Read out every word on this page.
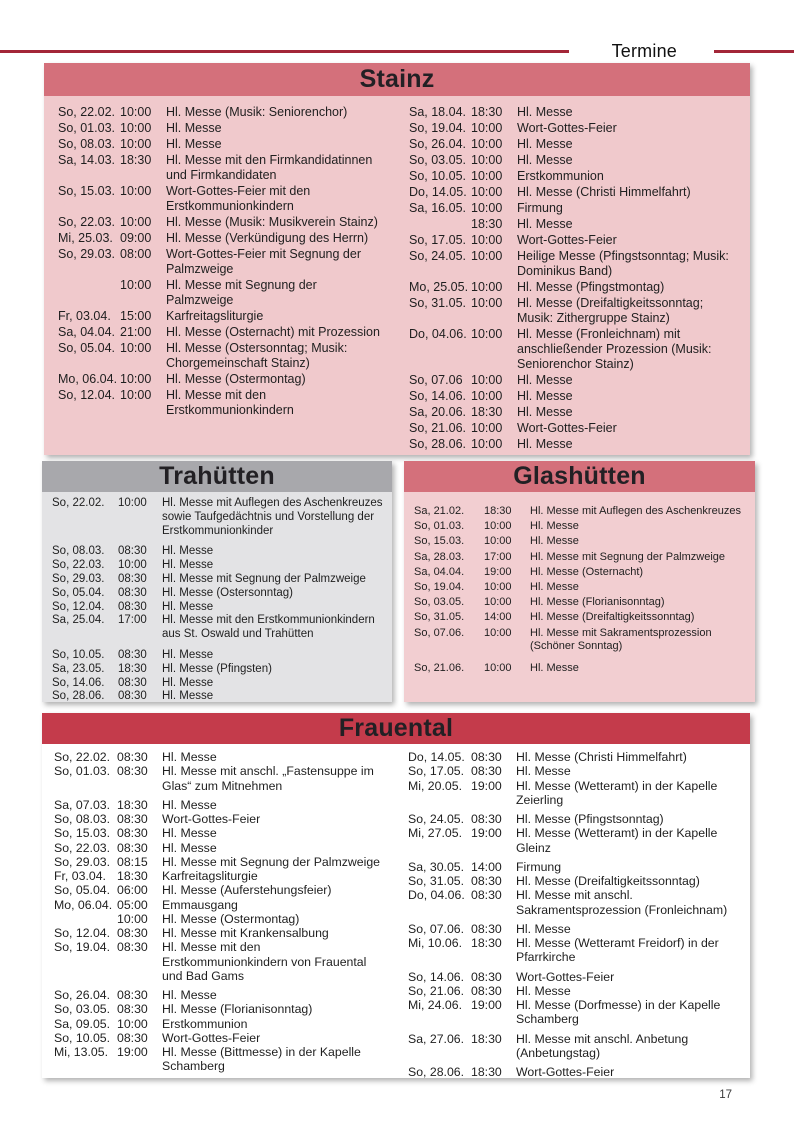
Termine
Stainz
So, 22.02. 10:00	Hl. Messe (Musik: Seniorenchor)
So, 01.03. 10:00	Hl. Messe
So, 08.03. 10:00	Hl. Messe
Sa, 14.03. 18:30	Hl. Messe mit den Firmkandidatinnen und Firmkandidaten
So, 15.03. 10:00	Wort-Gottes-Feier mit den Erstkommunionkindern
So, 22.03. 10:00	Hl. Messe (Musik: Musikverein Stainz)
Mi, 25.03. 09:00	Hl. Messe (Verkündigung des Herrn)
So, 29.03. 08:00	Wort-Gottes-Feier mit Segnung der Palmzweige
10:00	Hl. Messe mit Segnung der Palmzweige
Fr, 03.04. 15:00	Karfreitagsliturgie
Sa, 04.04. 21:00	Hl. Messe (Osternacht) mit Prozession
So, 05.04. 10:00	Hl. Messe (Ostersonntag; Musik: Chorgemeinschaft Stainz)
Mo, 06.04. 10:00	Hl. Messe (Ostermontag)
So, 12.04. 10:00	Hl. Messe mit den Erstkommunionkindern
Sa, 18.04. 18:30	Hl. Messe
So, 19.04. 10:00	Wort-Gottes-Feier
So, 26.04. 10:00	Hl. Messe
So, 03.05. 10:00	Hl. Messe
So, 10.05. 10:00	Erstkommunion
Do, 14.05. 10:00	Hl. Messe (Christi Himmelfahrt)
Sa, 16.05. 10:00	Firmung
18:30	Hl. Messe
So, 17.05. 10:00	Wort-Gottes-Feier
So, 24.05. 10:00	Heilige Messe (Pfingstsonntag; Musik: Dominikus Band)
Mo, 25.05. 10:00	Hl. Messe (Pfingstmontag)
So, 31.05. 10:00	Hl. Messe (Dreifaltigkeitssonntag; Musik: Zithergruppe Stainz)
Do, 04.06. 10:00	Hl. Messe (Fronleichnam) mit anschließender Prozession (Musik: Seniorenchor Stainz)
So, 07.06 10:00	Hl. Messe
So, 14.06. 10:00	Hl. Messe
Sa, 20.06. 18:30	Hl. Messe
So, 21.06. 10:00	Wort-Gottes-Feier
So, 28.06. 10:00	Hl. Messe
Trahütten
So, 22.02.	10:00	Hl. Messe mit Auflegen des Aschenkreuzes sowie Taufgedächtnis und Vorstellung der Erstkommunionkinder
So, 08.03.	08:30	Hl. Messe
So, 22.03.	10:00	Hl. Messe
So, 29.03.	08:30	Hl. Messe mit Segnung der Palmzweige
So, 05.04.	08:30	Hl. Messe (Ostersonntag)
So, 12.04.	08:30	Hl. Messe
Sa, 25.04.	17:00	Hl. Messe mit den Erstkommunionkindern aus St. Oswald und Trahütten
So, 10.05.	08:30	Hl. Messe
Sa, 23.05.	18:30	Hl. Messe (Pfingsten)
So, 14.06.	08:30	Hl. Messe
So, 28.06.	08:30	Hl. Messe
Glashütten
Sa, 21.02.	18:30	Hl. Messe mit Auflegen des Aschenkreuzes
So, 01.03.	10:00	Hl. Messe
So, 15.03.	10:00	Hl. Messe
Sa, 28.03.	17:00	Hl. Messe mit Segnung der Palmzweige
Sa, 04.04.	19:00	Hl. Messe (Osternacht)
So, 19.04.	10:00	Hl. Messe
So, 03.05.	10:00	Hl. Messe (Florianisonntag)
So, 31.05.	14:00	Hl. Messe (Dreifaltigkeitssonntag)
So, 07.06.	10:00	Hl. Messe mit Sakramentsprozession (Schöner Sonntag)
So, 21.06.	10:00	Hl. Messe
Frauental
So, 22.02. 08:30	Hl. Messe
So, 01.03. 08:30	Hl. Messe mit anschl. „Fastensuppe im Glas“ zum Mitnehmen
Sa, 07.03. 18:30	Hl. Messe
So, 08.03. 08:30	Wort-Gottes-Feier
So, 15.03. 08:30	Hl. Messe
So, 22.03. 08:30	Hl. Messe
So, 29.03. 08:15	Hl. Messe mit Segnung der Palmzweige
Fr, 03.04. 18:30	Karfreitagsliturgie
So, 05.04. 06:00	Hl. Messe (Auferstehungsfeier)
Mo, 06.04. 05:00	Emmausgang
10:00	Hl. Messe (Ostermontag)
So, 12.04. 08:30	Hl. Messe mit Krankensalbung
So, 19.04. 08:30	Hl. Messe mit den Erstkommunionkindern von Frauental und Bad Gams
So, 26.04. 08:30	Hl. Messe
So, 03.05. 08:30	Hl. Messe (Florianisonntag)
Sa, 09.05. 10:00	Erstkommunion
So, 10.05. 08:30	Wort-Gottes-Feier
Mi, 13.05. 19:00	Hl. Messe (Bittmesse) in der Kapelle Schamberg
Do, 14.05. 08:30	Hl. Messe (Christi Himmelfahrt)
So, 17.05. 08:30	Hl. Messe
Mi, 20.05. 19:00	Hl. Messe (Wetteramt) in der Kapelle Zeierling
So, 24.05. 08:30	Hl. Messe (Pfingstsonntag)
Mi, 27.05. 19:00	Hl. Messe (Wetteramt) in der Kapelle Gleinz
Sa, 30.05. 14:00	Firmung
So, 31.05. 08:30	Hl. Messe (Dreifaltigkeitssonntag)
Do, 04.06. 08:30	Hl. Messe mit anschl. Sakramentsprozession (Fronleichnam)
So, 07.06. 08:30	Hl. Messe
Mi, 10.06. 18:30	Hl. Messe (Wetteramt Freidorf) in der Pfarrkirche
So, 14.06. 08:30	Wort-Gottes-Feier
So, 21.06. 08:30	Hl. Messe
Mi, 24.06. 19:00	Hl. Messe (Dorfmesse) in der Kapelle Schamberg
Sa, 27.06. 18:30	Hl. Messe mit anschl. Anbetung (Anbetungstag)
So, 28.06. 18:30	Wort-Gottes-Feier
17
